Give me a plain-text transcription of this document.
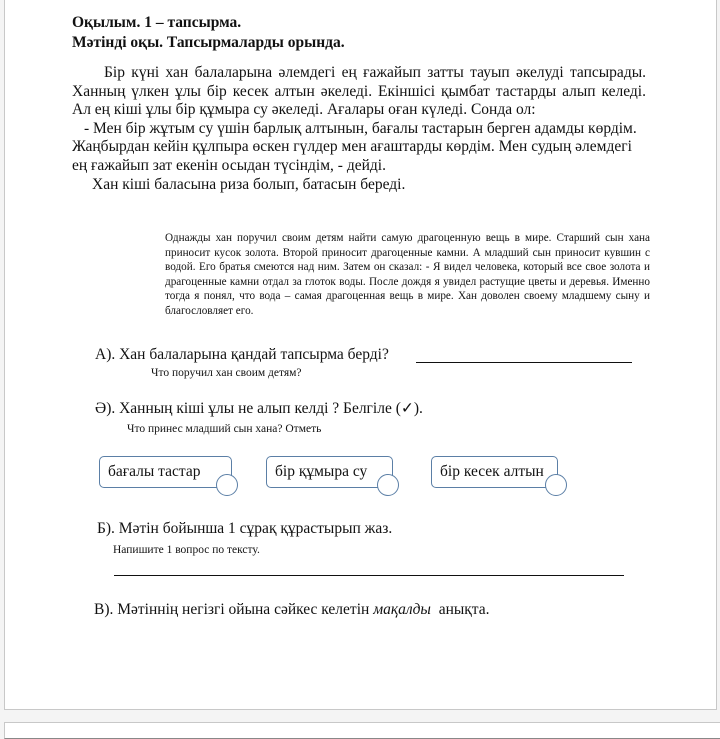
Оқылым. 1 – тапсырма.
Мәтінді оқы. Тапсырмаларды орында.

Бір күні хан балаларына әлемдегі ең ғажайып затты тауып әкелуді тапсырады. Ханның үлкен ұлы бір кесек алтын әкеледі. Екіншісі қымбат тастарды алып келеді. Ал ең кіші ұлы бір құмыра су әкеледі. Ағалары оған күледі. Сонда ол:

- Мен бір жұтым су үшін барлық алтынын, бағалы тастарын берген адамды көрдім. Жаңбырдан кейін құлпыра өскен гүлдер мен ағаштарды көрдім. Мен судың әлемдегі ең ғажайып зат екенін осыдан түсіндім, - дейді.

Хан кіші баласына риза болып, батасын береді.

Однажды хан поручил своим детям найти самую драгоценную вещь в мире. Старший сын хана приносит кусок золота. Второй приносит драгоценные камни. А младший сын приносит кувшин с водой. Его братья смеются над ним. Затем он сказал: - Я видел человека, который все свое золота и драгоценные камни отдал за глоток воды. После дождя я увидел растущие цветы и деревья. Именно тогда я понял, что вода – самая драгоценная вещь в мире. Хан доволен своему младшему сыну и благословляет его.
А). Хан балаларына қандай тапсырма берді?
Что поручил хан своим детям?
Ә). Ханның кіші ұлы не алып келді ? Белгіле (✓).
Что принес младший сын хана? Отметь
бағалы тастар	бір құмыра су	бір кесек алтын
Б). Мәтін бойынша 1 сұрақ құрастырып жаз.
Напишите 1 вопрос по тексту.
В). Мәтіннің негізгі ойына сәйкес келетін мақалды  анықта.
